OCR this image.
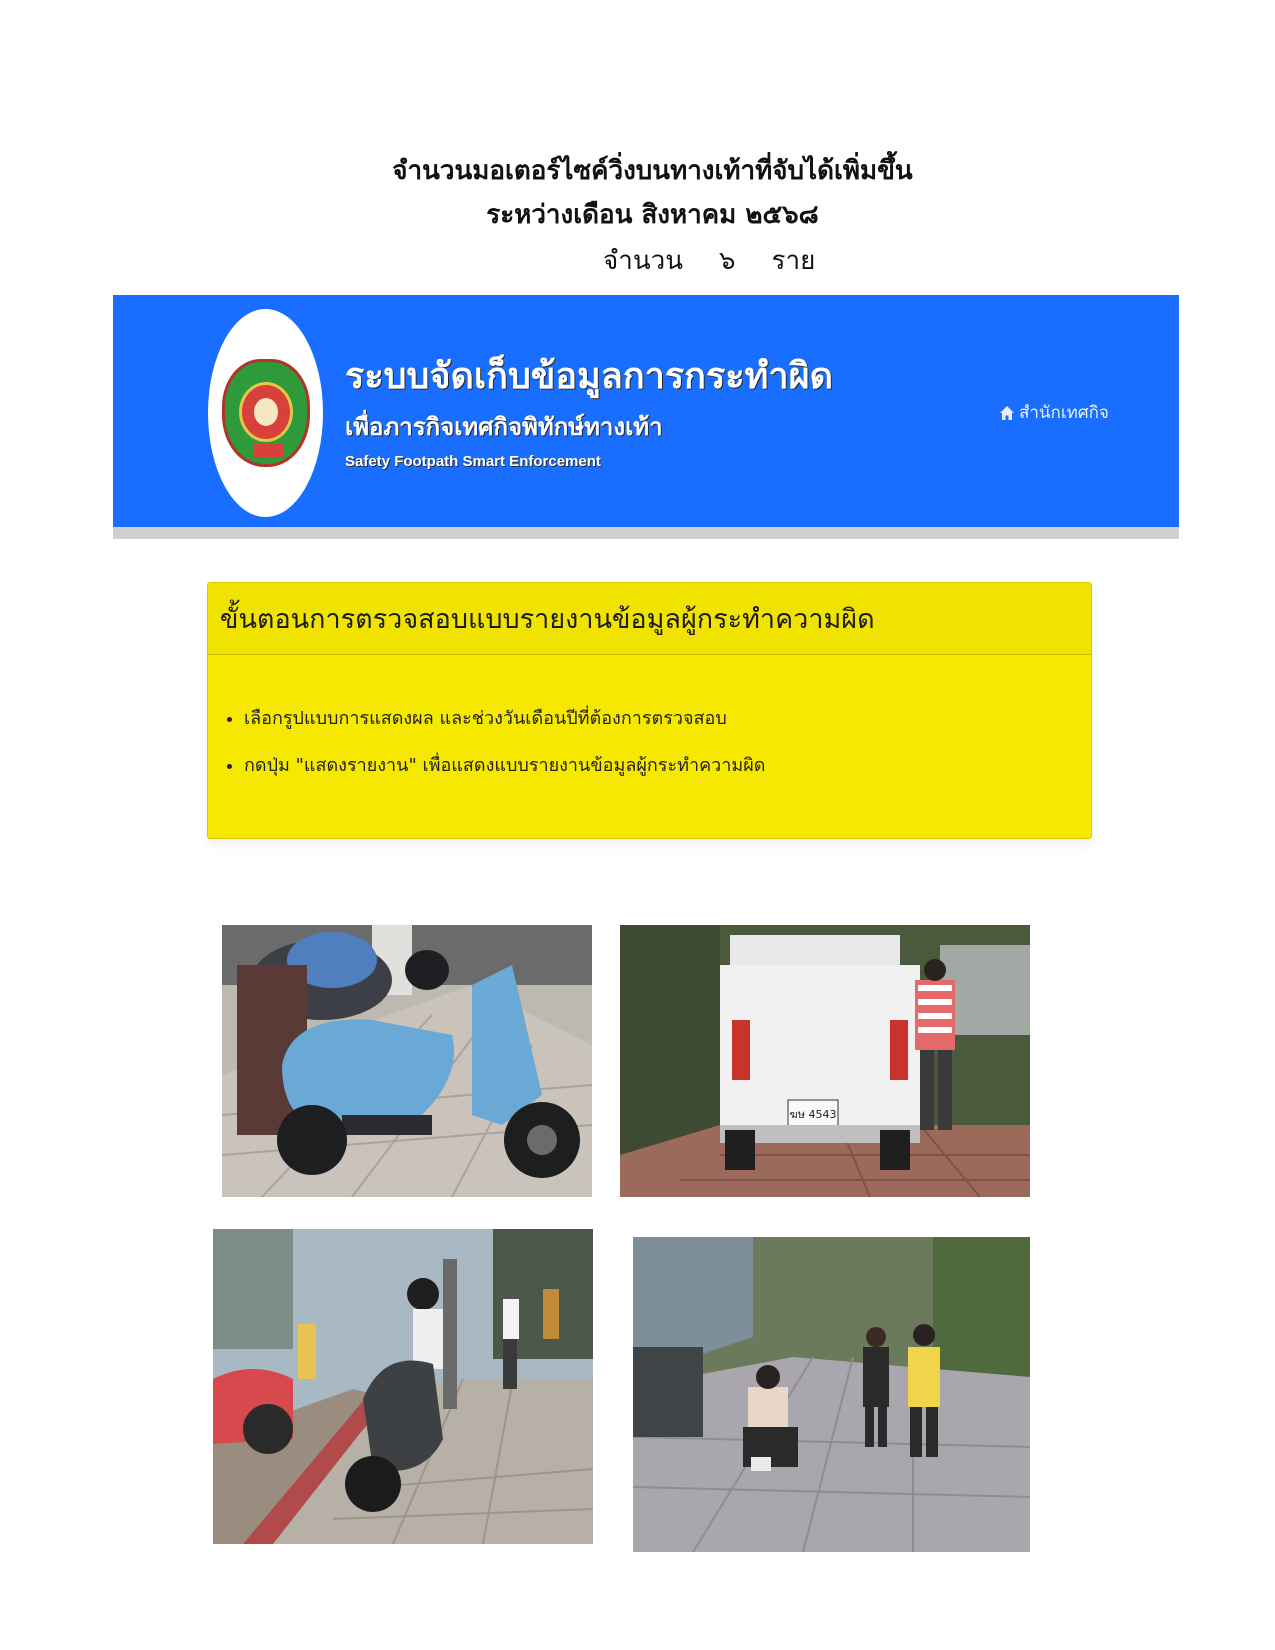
จำนวนมอเตอร์ไซค์วิ่งบนทางเท้าที่จับได้เพิ่มขึ้น
ระหว่างเดือน สิงหาคม ๒๕๖๘
จำนวน ๖ ราย
ระบบจัดเก็บข้อมูลการกระทำผิด
เพื่อภารกิจเทศกิจพิทักษ์ทางเท้า
Safety Footpath Smart Enforcement
สำนักเทศกิจ
ขั้นตอนการตรวจสอบแบบรายงานข้อมูลผู้กระทำความผิด
• เลือกรูปแบบการแสดงผล และช่วงวันเดือนปีที่ต้องการตรวจสอบ
• กดปุ่ม "แสดงรายงาน" เพื่อแสดงแบบรายงานข้อมูลผู้กระทำความผิด
ฆษ 4543
